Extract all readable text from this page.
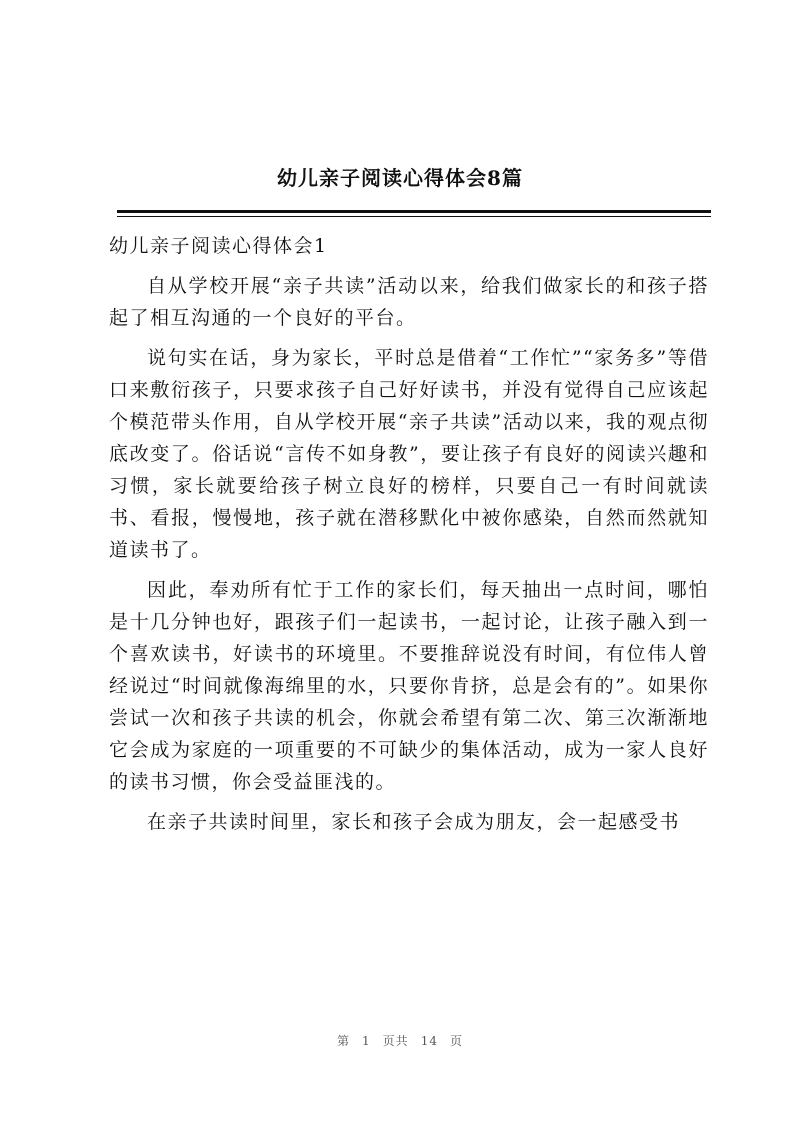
幼儿亲子阅读心得体会8篇
幼儿亲子阅读心得体会1

自从学校开展“亲子共读”活动以来，给我们做家长的和孩子搭起了相互沟通的一个良好的平台。

说句实在话，身为家长，平时总是借着“工作忙”“家务多”等借口来敷衍孩子，只要求孩子自己好好读书，并没有觉得自己应该起个模范带头作用，自从学校开展“亲子共读”活动以来，我的观点彻底改变了。俗话说“言传不如身教”，要让孩子有良好的阅读兴趣和习惯，家长就要给孩子树立良好的榜样，只要自己一有时间就读书、看报，慢慢地，孩子就在潜移默化中被你感染，自然而然就知道读书了。

因此，奉劝所有忙于工作的家长们，每天抽出一点时间，哪怕是十几分钟也好，跟孩子们一起读书，一起讨论，让孩子融入到一个喜欢读书，好读书的环境里。不要推辞说没有时间，有位伟人曾经说过“时间就像海绵里的水，只要你肯挤，总是会有的”。如果你尝试一次和孩子共读的机会，你就会希望有第二次、第三次渐渐地它会成为家庭的一项重要的不可缺少的集体活动，成为一家人良好的读书习惯，你会受益匪浅的。

在亲子共读时间里，家长和孩子会成为朋友，会一起感受书

第 1 页共 14 页
